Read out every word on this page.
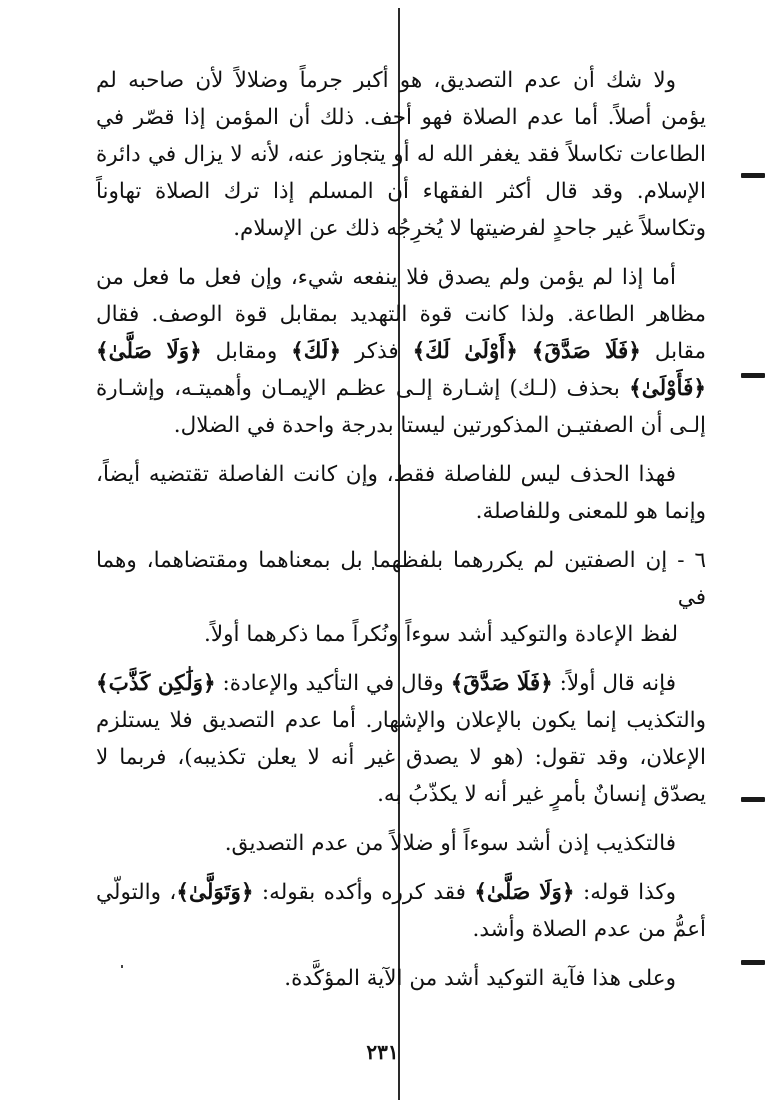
ولا شك أن عدم التصديق، هو أكبر جرماً وضلالاً لأن صاحبه لم يؤمن أصلاً. أما عدم الصلاة فهو أخف. ذلك أن المؤمن إذا قصّر في الطاعات تكاسلاً فقد يغفر الله له أو يتجاوز عنه، لأنه لا يزال في دائرة الإسلام. وقد قال أكثر الفقهاء أن المسلم إذا ترك الصلاة تهاوناً وتكاسلاً غير جاحدٍ لفرضيتها لا يُخرِجُه ذلك عن الإسلام.

أما إذا لم يؤمن ولم يصدق فلا ينفعه شيء، وإن فعل ما فعل من مظاهر الطاعة. ولذا كانت قوة التهديد بمقابل قوة الوصف. فقال مقابل ﴿فَلَا صَدَّقَ﴾ ﴿أَوْلَىٰ لَكَ﴾ فذكر ﴿لَكَ﴾ ومقابل ﴿وَلَا صَلَّىٰ﴾ ﴿فَأَوْلَىٰ﴾ بحذف (لـك) إشـارة إلـى عظـم الإيمـان وأهميتـه، وإشـارة إلـى أن الصفتيـن المذكورتين ليستا بدرجة واحدة في الضلال.

فهذا الحذف ليس للفاصلة فقط، وإن كانت الفاصلة تقتضيه أيضاً، وإنما هو للمعنى وللفاصلة.

٦ - إن الصفتين لم يكررهما بلفظهما بل بمعناهما ومقتضاهما، وهما في
لفظ الإعادة والتوكيد أشد سوءاً ونُكراً مما ذكرهما أولاً.

فإنه قال أولاً: ﴿فَلَا صَدَّقَ﴾ وقال في التأكيد والإعادة: ﴿وَلَٰكِن كَذَّبَ﴾ والتكذيب إنما يكون بالإعلان والإشهار. أما عدم التصديق فلا يستلزم الإعلان، وقد تقول: (هو لا يصدق غير أنه لا يعلن تكذيبه)، فربما لا يصدّق إنسانٌ بأمرٍ غير أنه لا يكذّبُ به.

فالتكذيب إذن أشد سوءاً أو ضلالاً من عدم التصديق.

وكذا قوله: ﴿وَلَا صَلَّىٰ﴾ فقد كرره وأكده بقوله: ﴿وَتَوَلَّىٰ﴾، والتولّي أعمُّ من عدم الصلاة وأشد.

وعلى هذا فآية التوكيد أشد من الآية المؤكَّدة.

٢٣١
